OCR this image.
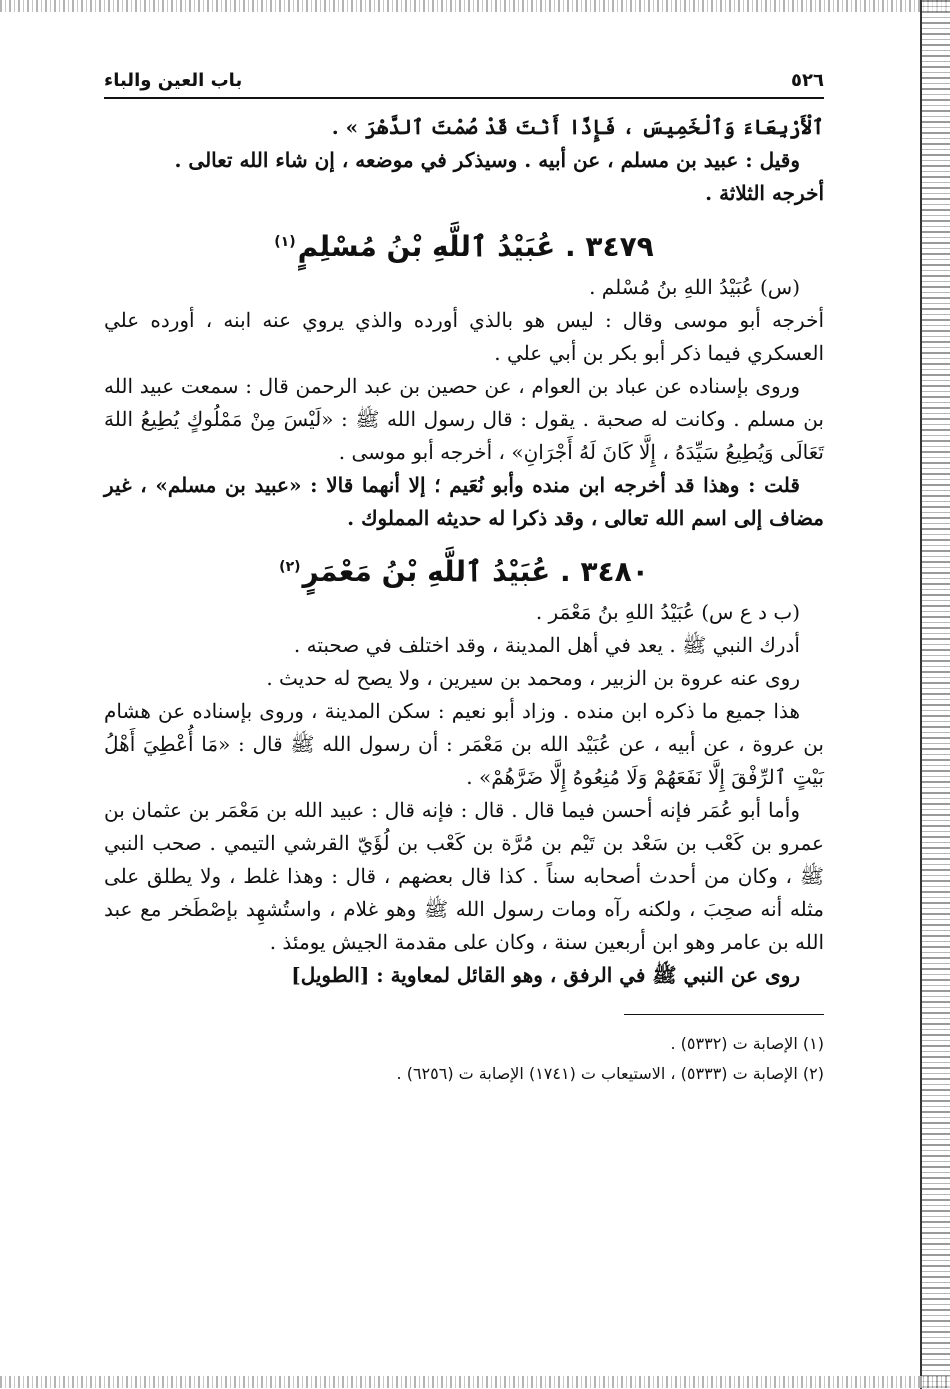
٥٢٦
باب العين والباء

ٱلْأَرْبِعَاءَ وَٱلْخَمِيسَ ، فَإِذًا أَنْتَ قَدْ صُمْتَ ٱلدَّهْرَ » .

وقيل : عبيد بن مسلم ، عن أبيه . وسيذكر في موضعه ، إن شاء الله تعالى .

أخرجه الثلاثة .

٣٤٧٩ . عُبَيْدُ ٱللَّهِ بْنُ مُسْلِمٍ$^{(١)}$

(س) عُبَيْدُ اللهِ بنُ مُسْلم .

أخرجه أبو موسى وقال : ليس هو بالذي أورده والذي يروي عنه ابنه ، أورده علي العسكري فيما ذكر أبو بكر بن أبي علي .

وروى بإسناده عن عباد بن العوام ، عن حصين بن عبد الرحمن قال : سمعت عبيد الله بن مسلم . وكانت له صحبة . يقول : قال رسول الله ﷺ : «لَيْسَ مِنْ مَمْلُوكٍ يُطِيعُ اللهَ تَعَالَى وَيُطِيعُ سَيِّدَهُ ، إِلَّا كَانَ لَهُ أَجْرَانِ» ، أخرجه أبو موسى .

قلت : وهذا قد أخرجه ابن منده وأبو نُعَيم ؛ إلا أنهما قالا : «عبيد بن مسلم» ، غير مضاف إلى اسم الله تعالى ، وقد ذكرا له حديثه المملوك .

٣٤٨٠ . عُبَيْدُ ٱللَّهِ بْنُ مَعْمَرٍ$^{(٢)}$

(ب د ع س) عُبَيْدُ اللهِ بنُ مَعْمَر .

أدرك النبي ﷺ . يعد في أهل المدينة ، وقد اختلف في صحبته .

روى عنه عروة بن الزبير ، ومحمد بن سيرين ، ولا يصح له حديث .

هذا جميع ما ذكره ابن منده . وزاد أبو نعيم : سكن المدينة ، وروى بإسناده عن هشام بن عروة ، عن أبيه ، عن عُبَيْد الله بن مَعْمَر : أن رسول الله ﷺ قال : «مَا أُعْطِيَ أَهْلُ بَيْتٍ ٱلرِّفْقَ إِلَّا نَفَعَهُمْ وَلَا مُنِعُوهُ إِلَّا ضَرَّهُمْ» .

وأما أبو عُمَر فإنه أحسن فيما قال . قال : فإنه قال : عبيد الله بن مَعْمَر بن عثمان بن عمرو بن كَعْب بن سَعْد بن تَيْم بن مُرَّة بن كَعْب بن لُؤَيّ القرشي التيمي . صحب النبي ﷺ ، وكان من أحدث أصحابه سناً . كذا قال بعضهم ، قال : وهذا غلط ، ولا يطلق على مثله أنه صحِبَ ، ولكنه رآه ومات رسول الله ﷺ وهو غلام ، واستُشهِد بإصْطَخر مع عبد الله بن عامر وهو ابن أربعين سنة ، وكان على مقدمة الجيش يومئذ .

روى عن النبي ﷺ في الرفق ، وهو القائل لمعاوية : [الطويل]

(١) الإصابة ت (٥٣٣٢) .

(٢) الإصابة ت (٥٣٣٣) ، الاستيعاب ت (١٧٤١) الإصابة ت (٦٢٥٦) .
